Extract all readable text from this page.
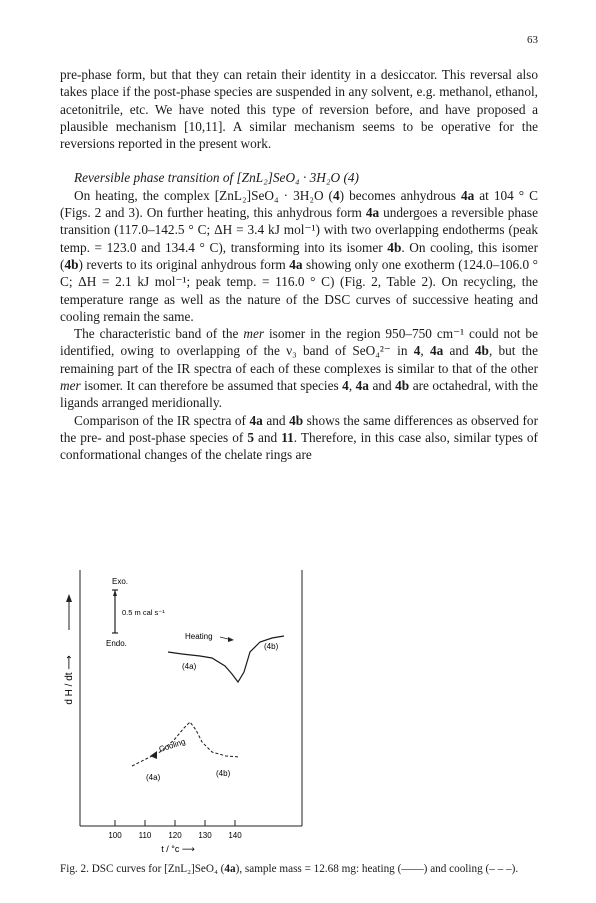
63

pre-phase form, but that they can retain their identity in a desiccator. This reversal also takes place if the post-phase species are suspended in any solvent, e.g. methanol, ethanol, acetonitrile, etc. We have noted this type of reversion before, and have proposed a plausible mechanism [10,11]. A similar mechanism seems to be operative for the reversions reported in the present work.

Reversible phase transition of [ZnL₂]SeO₄ · 3H₂O (4)

On heating, the complex [ZnL₂]SeO₄ · 3H₂O (4) becomes anhydrous 4a at 104 ° C (Figs. 2 and 3). On further heating, this anhydrous form 4a undergoes a reversible phase transition (117.0–142.5 ° C; ΔH = 3.4 kJ mol⁻¹) with two overlapping endotherms (peak temp. = 123.0 and 134.4 ° C), transforming into its isomer 4b. On cooling, this isomer (4b) reverts to its original anhydrous form 4a showing only one exotherm (124.0–106.0 ° C; ΔH = 2.1 kJ mol⁻¹; peak temp. = 116.0 ° C) (Fig. 2, Table 2). On recycling, the temperature range as well as the nature of the DSC curves of successive heating and cooling remain the same.

The characteristic band of the mer isomer in the region 950–750 cm⁻¹ could not be identified, owing to overlapping of the ν₃ band of SeO₄²⁻ in 4, 4a and 4b, but the remaining part of the IR spectra of each of these complexes is similar to that of the other mer isomer. It can therefore be assumed that species 4, 4a and 4b are octahedral, with the ligands arranged meridionally.

Comparison of the IR spectra of 4a and 4b shows the same differences as observed for the pre- and post-phase species of 5 and 11. Therefore, in this case also, similar types of conformational changes of the chelate rings are

d H / dt ⟶
Exo.
0.5 m cal s⁻¹
Endo.
Heating
(4a)
(4b)
Cooling
(4a)	(4b)
100 110 120 130 140
t / °c ⟶
Fig. 2. DSC curves for [ZnL₂]SeO₄ (4a), sample mass = 12.68 mg: heating (——) and cooling (– – –).
